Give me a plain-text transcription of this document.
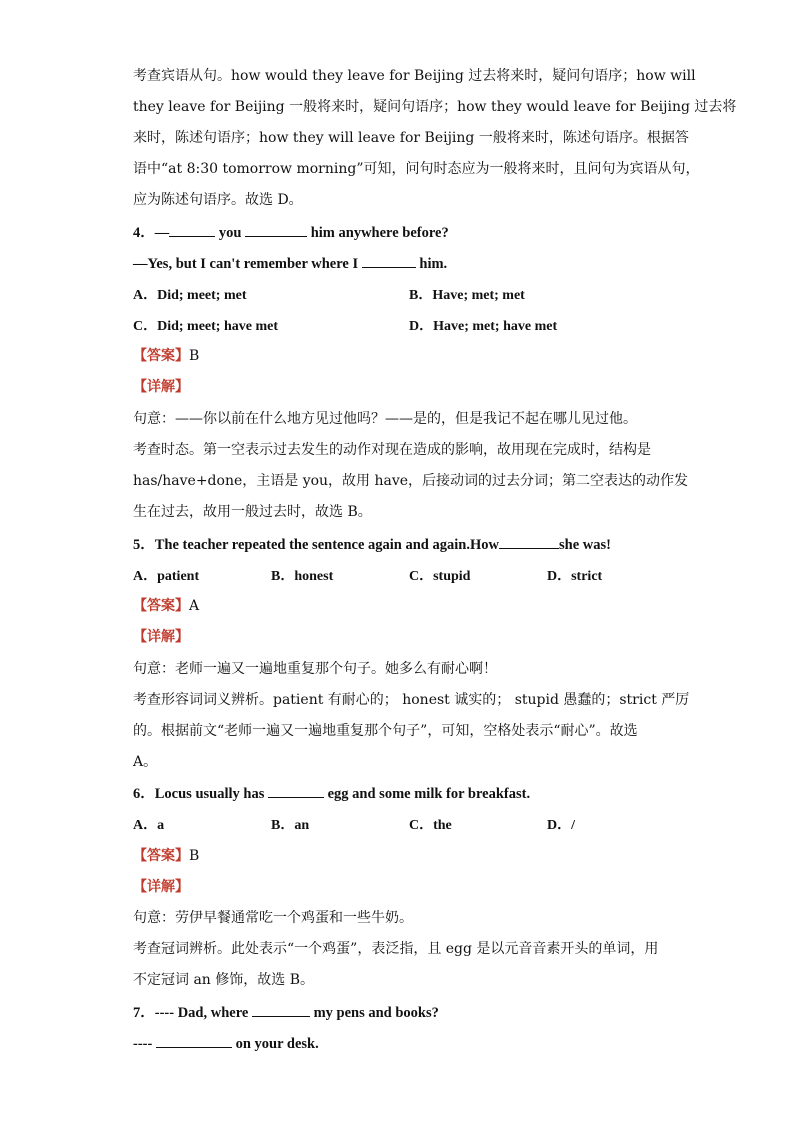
考查宾语从句。how would they leave for Beijing 过去将来时，疑问句语序；how will
they leave for Beijing 一般将来时，疑问句语序；how they would leave for Beijing 过去将
来时，陈述句语序；how they will leave for Beijing 一般将来时，陈述句语序。根据答
语中“at 8:30 tomorrow morning”可知，问句时态应为一般将来时，且问句为宾语从句，
应为陈述句语序。故选 D。
4．—	you	him anywhere before?
—Yes, but I can't remember where I	him.
A．Did; meet; met	B．Have; met; met
C．Did; meet; have met	D．Have; met; have met
【答案】B
【详解】
句意：——你以前在什么地方见过他吗？——是的，但是我记不起在哪儿见过他。
考查时态。第一空表示过去发生的动作对现在造成的影响，故用现在完成时，结构是
has/have+done，主语是 you，故用 have，后接动词的过去分词；第二空表达的动作发
生在过去，故用一般过去时，故选 B。
5．The teacher repeated the sentence again and again.How	she was!
A．patient	B．honest	C．stupid	D．strict
【答案】A
【详解】
句意：老师一遍又一遍地重复那个句子。她多么有耐心啊！
考查形容词词义辨析。patient 有耐心的； honest 诚实的； stupid 愚蠢的；strict 严厉
的。根据前文“老师一遍又一遍地重复那个句子”，可知，空格处表示“耐心”。故选
A。
6．Locus usually has	egg and some milk for breakfast.
A．a	B．an	C．the	D．/
【答案】B
【详解】
句意：劳伊早餐通常吃一个鸡蛋和一些牛奶。
考查冠词辨析。此处表示“一个鸡蛋”，表泛指，且 egg 是以元音音素开头的单词，用
不定冠词 an 修饰，故选 B。
7．---- Dad, where	my pens and books?
----	on your desk.
